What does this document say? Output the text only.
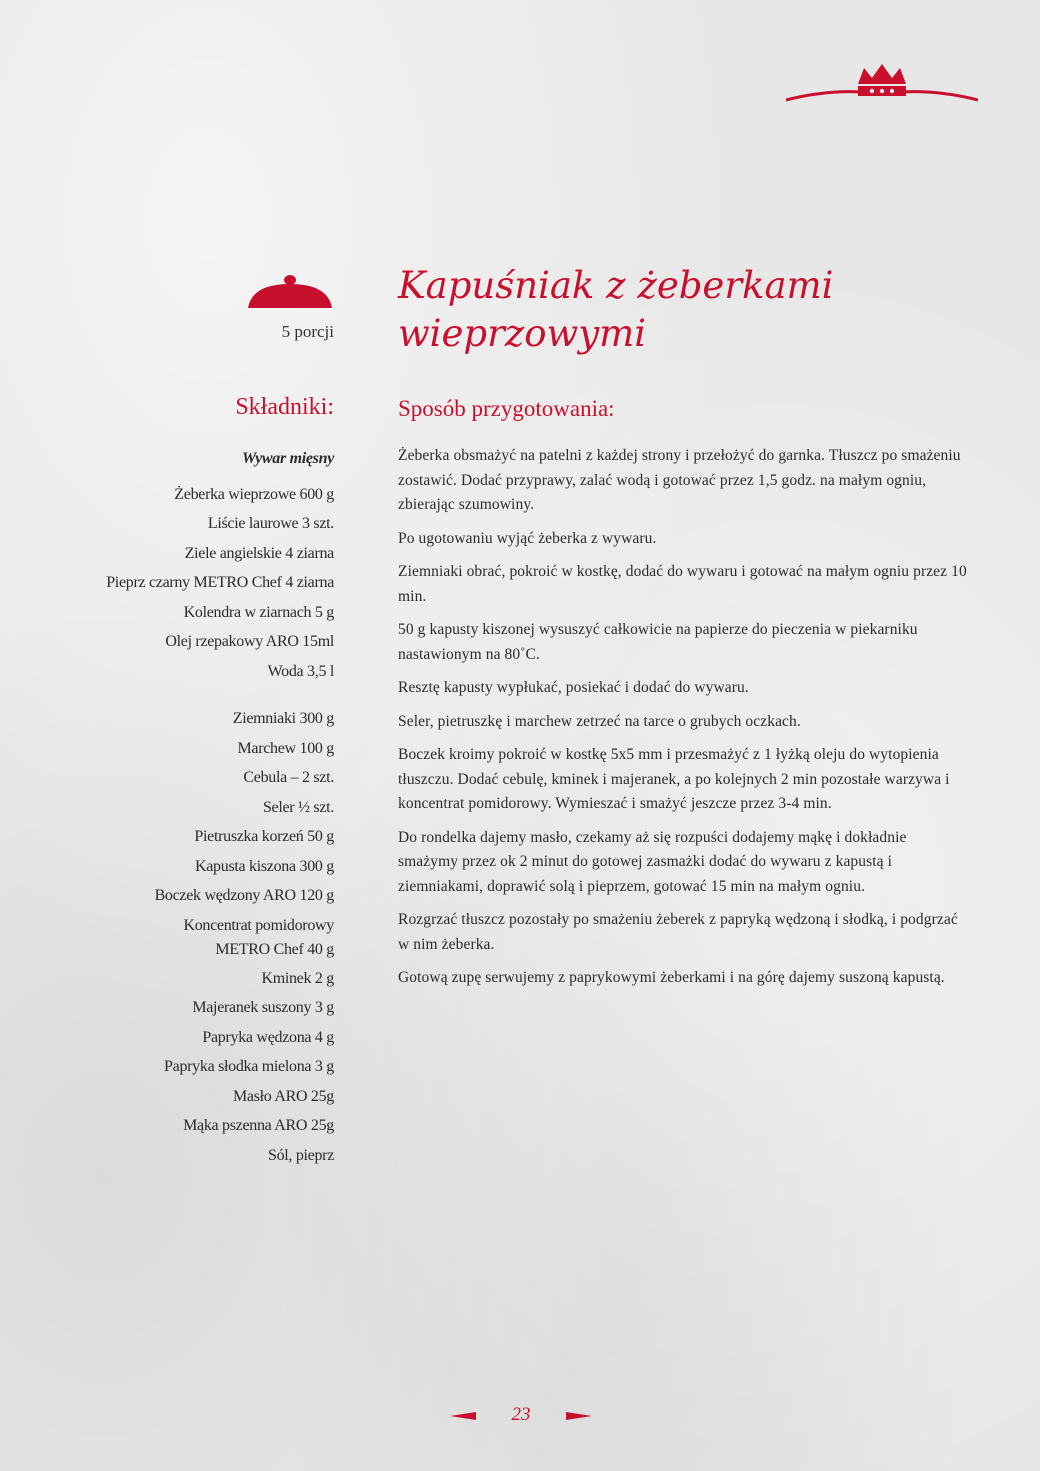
5 porcji
Kapuśniak z żeberkami
wieprzowymi
Składniki:	Sposób przygotowania:
Wywar mięsny
Żeberka wieprzowe 600 g
Liście laurowe 3 szt.
Ziele angielskie 4 ziarna
Pieprz czarny METRO Chef 4 ziarna
Kolendra w ziarnach 5 g
Olej rzepakowy ARO 15ml
Woda 3,5 l
Ziemniaki 300 g
Marchew 100 g
Cebula – 2 szt.
Seler ½ szt.
Pietruszka korzeń 50 g
Kapusta kiszona 300 g
Boczek wędzony ARO 120 g
Koncentrat pomidorowy
METRO Chef 40 g
Kminek 2 g
Majeranek suszony 3 g
Papryka wędzona 4 g
Papryka słodka mielona 3 g
Masło ARO 25g
Mąka pszenna ARO 25g
Sól, pieprz

Żeberka obsmażyć na patelni z każdej strony i przełożyć do garnka. Tłuszcz po smażeniu zostawić. Dodać przyprawy, zalać wodą i gotować przez 1,5 godz. na małym ogniu, zbierając szumowiny.

Po ugotowaniu wyjąć żeberka z wywaru.

Ziemniaki obrać, pokroić w kostkę, dodać do wywaru i gotować na małym ogniu przez 10 min.

50 g kapusty kiszonej wysuszyć całkowicie na papierze do pieczenia w piekarniku nastawionym na 80˚C.

Resztę kapusty wypłukać, posiekać i dodać do wywaru.

Seler, pietruszkę i marchew zetrzeć na tarce o grubych oczkach.

Boczek kroimy pokroić w kostkę 5x5 mm i przesmażyć z 1 łyżką oleju do wytopienia tłuszczu. Dodać cebulę, kminek i majeranek, a po kolejnych 2 min pozostałe warzywa i koncentrat pomidorowy. Wymieszać i smażyć jeszcze przez 3-4 min.

Do rondelka dajemy masło, czekamy aż się rozpuści dodajemy mąkę i dokładnie smażymy przez ok 2 minut do gotowej zasmażki dodać do wywaru z kapustą i ziemniakami, doprawić solą i pieprzem, gotować 15 min na małym ogniu.

Rozgrzać tłuszcz pozostały po smażeniu żeberek z papryką wędzoną i słodką, i podgrzać w nim żeberka.

Gotową zupę serwujemy z paprykowymi żeberkami i na górę dajemy suszoną kapustą.

23
